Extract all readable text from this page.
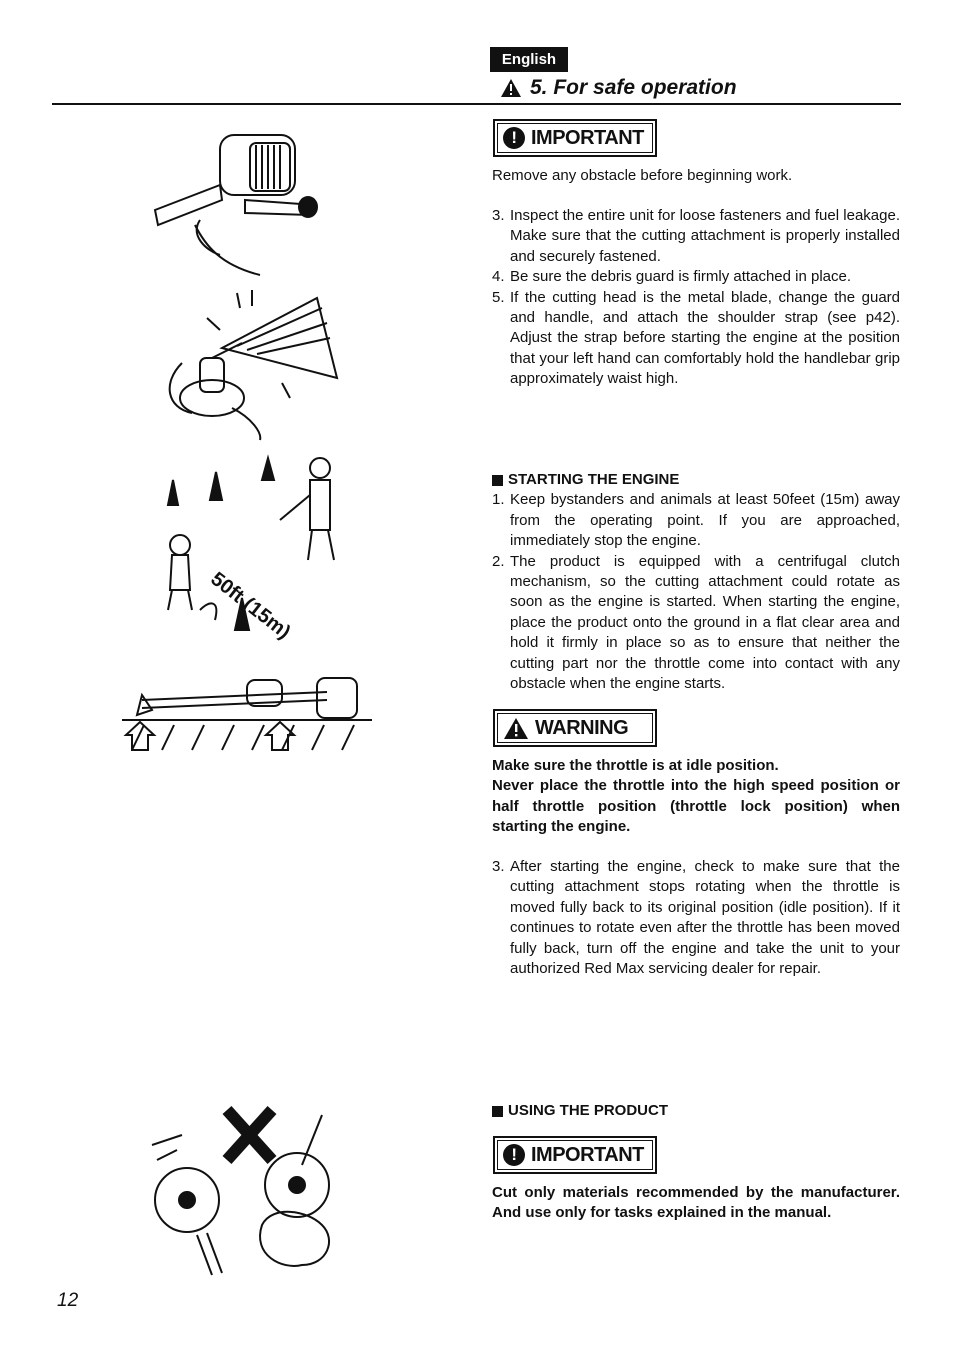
English
5. For safe operation
! IMPORTANT

Remove any obstacle before beginning work.

3. Inspect the entire unit for loose fasteners and fuel leakage. Make sure that the cutting attachment is properly installed and securely fastened.
4. Be sure the debris guard is firmly attached in place.
5. If the cutting head is the metal blade, change the guard and handle, and attach the shoulder strap (see p42). Adjust the strap before starting the engine at the position that your left hand can comfortably hold the handlebar grip approximately waist high.
STARTING THE ENGINE
1. Keep bystanders and animals at least 50feet (15m) away from the operating point. If you are approached, immediately stop the engine.
2. The product is equipped with a centrifugal clutch mechanism, so the cutting attachment could rotate as soon as the engine is started. When starting the engine, place the product onto the ground in a flat clear area and hold it firmly in place so as to ensure that neither the cutting part nor the throttle come into contact with any obstacle when the engine starts.
WARNING

Make sure the throttle is at idle position.

Never place the throttle into the high speed position or half throttle position (throttle lock position) when starting the engine.

3. After starting the engine, check to make sure that the cutting attachment stops rotating when the throttle is moved fully back to its original position (idle position). If it continues to rotate even after the throttle has been moved fully back, turn off the engine and take the unit to your authorized Red Max servicing dealer for repair.
USING THE PRODUCT
! IMPORTANT

Cut only materials recommended by the manufacturer. And use only for tasks explained in the manual.

12
50ft (15m)
